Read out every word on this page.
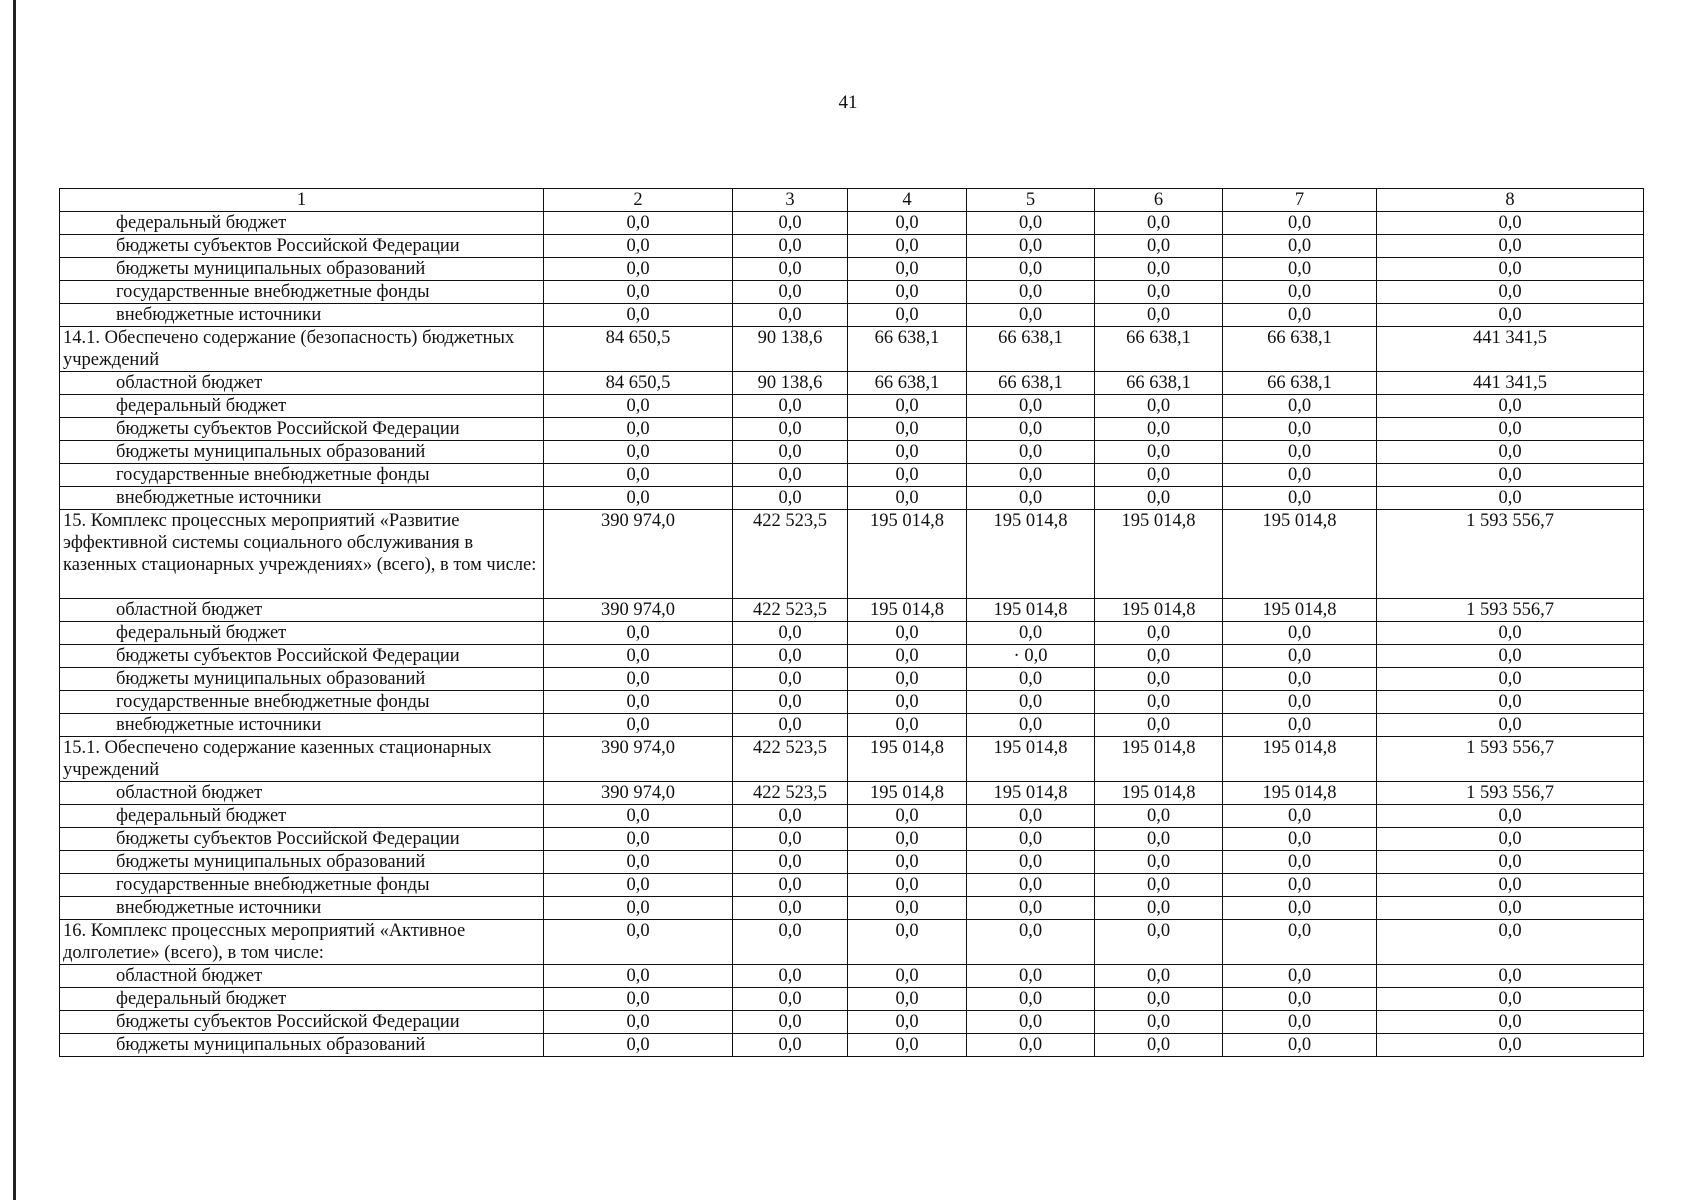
41
1	2	3	4	5	6	7	8
федеральный бюджет	0,0	0,0	0,0	0,0	0,0	0,0	0,0
бюджеты субъектов Российской Федерации	0,0	0,0	0,0	0,0	0,0	0,0	0,0
бюджеты муниципальных образований	0,0	0,0	0,0	0,0	0,0	0,0	0,0
государственные внебюджетные фонды	0,0	0,0	0,0	0,0	0,0	0,0	0,0
внебюджетные источники	0,0	0,0	0,0	0,0	0,0	0,0	0,0
14.1. Обеспечено содержание (безопасность) бюджетных учреждений	84 650,5	90 138,6	66 638,1	66 638,1	66 638,1	66 638,1	441 341,5
областной бюджет	84 650,5	90 138,6	66 638,1	66 638,1	66 638,1	66 638,1	441 341,5
федеральный бюджет	0,0	0,0	0,0	0,0	0,0	0,0	0,0
бюджеты субъектов Российской Федерации	0,0	0,0	0,0	0,0	0,0	0,0	0,0
бюджеты муниципальных образований	0,0	0,0	0,0	0,0	0,0	0,0	0,0
государственные внебюджетные фонды	0,0	0,0	0,0	0,0	0,0	0,0	0,0
внебюджетные источники	0,0	0,0	0,0	0,0	0,0	0,0	0,0
15. Комплекс процессных мероприятий «Развитие эффективной системы социального обслуживания в казенных стационарных учреждениях» (всего), в том числе:	390 974,0	422 523,5	195 014,8	195 014,8	195 014,8	195 014,8	1 593 556,7
областной бюджет	390 974,0	422 523,5	195 014,8	195 014,8	195 014,8	195 014,8	1 593 556,7
федеральный бюджет	0,0	0,0	0,0	0,0	0,0	0,0	0,0
бюджеты субъектов Российской Федерации	0,0	0,0	0,0	· 0,0	0,0	0,0	0,0
бюджеты муниципальных образований	0,0	0,0	0,0	0,0	0,0	0,0	0,0
государственные внебюджетные фонды	0,0	0,0	0,0	0,0	0,0	0,0	0,0
внебюджетные источники	0,0	0,0	0,0	0,0	0,0	0,0	0,0
15.1. Обеспечено содержание казенных стационарных учреждений	390 974,0	422 523,5	195 014,8	195 014,8	195 014,8	195 014,8	1 593 556,7
областной бюджет	390 974,0	422 523,5	195 014,8	195 014,8	195 014,8	195 014,8	1 593 556,7
федеральный бюджет	0,0	0,0	0,0	0,0	0,0	0,0	0,0
бюджеты субъектов Российской Федерации	0,0	0,0	0,0	0,0	0,0	0,0	0,0
бюджеты муниципальных образований	0,0	0,0	0,0	0,0	0,0	0,0	0,0
государственные внебюджетные фонды	0,0	0,0	0,0	0,0	0,0	0,0	0,0
внебюджетные источники	0,0	0,0	0,0	0,0	0,0	0,0	0,0
16. Комплекс процессных мероприятий «Активное долголетие» (всего), в том числе:	0,0	0,0	0,0	0,0	0,0	0,0	0,0
областной бюджет	0,0	0,0	0,0	0,0	0,0	0,0	0,0
федеральный бюджет	0,0	0,0	0,0	0,0	0,0	0,0	0,0
бюджеты субъектов Российской Федерации	0,0	0,0	0,0	0,0	0,0	0,0	0,0
бюджеты муниципальных образований	0,0	0,0	0,0	0,0	0,0	0,0	0,0
